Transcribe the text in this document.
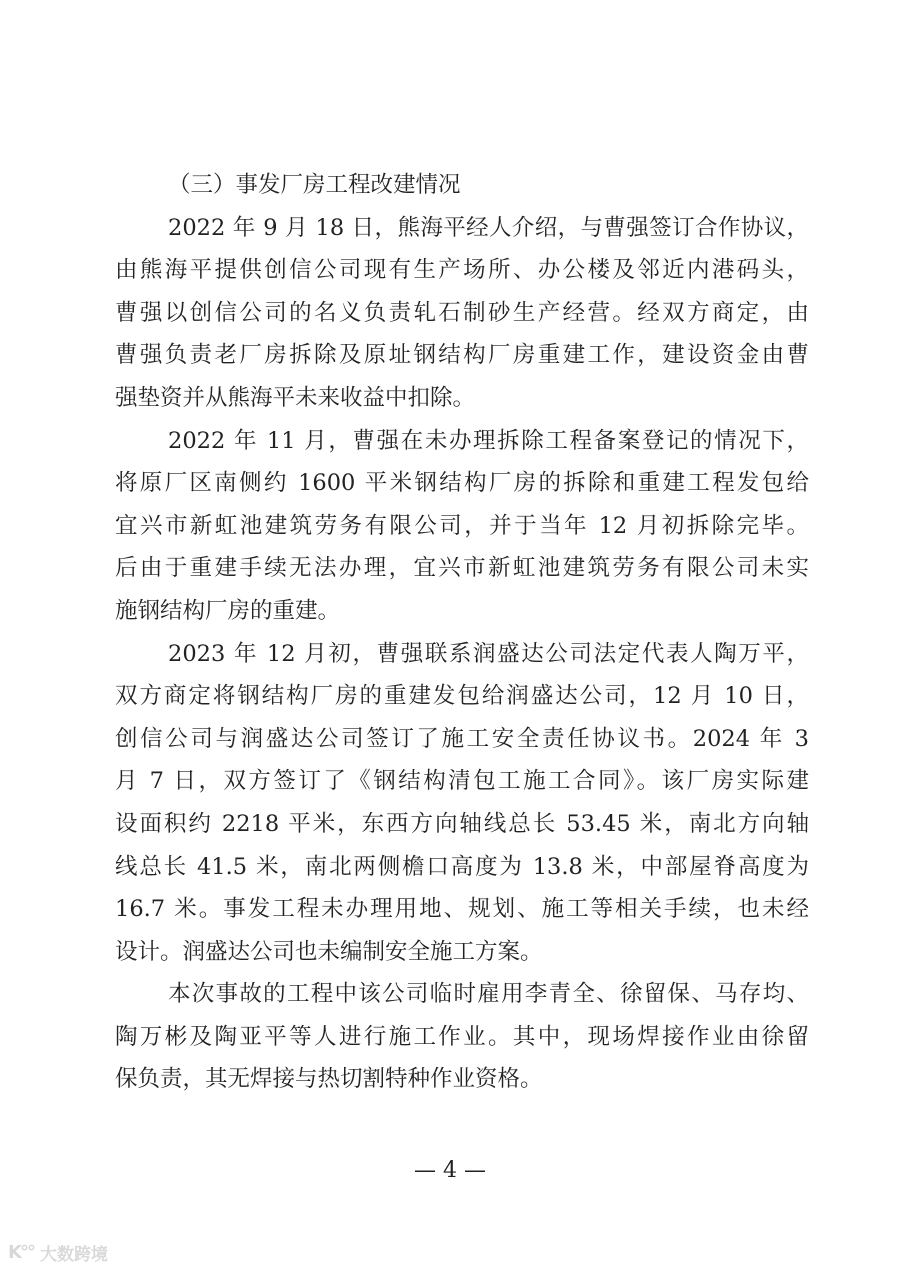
（三）事发厂房工程改建情况
2022 年 9 月 18 日，熊海平经人介绍，与曹强签订合作协议，
由熊海平提供创信公司现有生产场所、办公楼及邻近内港码头，
曹强以创信公司的名义负责轧石制砂生产经营。经双方商定，由
曹强负责老厂房拆除及原址钢结构厂房重建工作，建设资金由曹
强垫资并从熊海平未来收益中扣除。
2022 年 11 月，曹强在未办理拆除工程备案登记的情况下，
将原厂区南侧约 1600 平米钢结构厂房的拆除和重建工程发包给
宜兴市新虹池建筑劳务有限公司，并于当年 12 月初拆除完毕。
后由于重建手续无法办理，宜兴市新虹池建筑劳务有限公司未实
施钢结构厂房的重建。
2023 年 12 月初，曹强联系润盛达公司法定代表人陶万平，
双方商定将钢结构厂房的重建发包给润盛达公司，12 月 10 日，
创信公司与润盛达公司签订了施工安全责任协议书。2024 年 3
月 7 日，双方签订了《钢结构清包工施工合同》。该厂房实际建
设面积约 2218 平米，东西方向轴线总长 53.45 米，南北方向轴
线总长 41.5 米，南北两侧檐口高度为 13.8 米，中部屋脊高度为
16.7 米。事发工程未办理用地、规划、施工等相关手续，也未经
设计。润盛达公司也未编制安全施工方案。
本次事故的工程中该公司临时雇用李青全、徐留保、马存均、
陶万彬及陶亚平等人进行施工作业。其中，现场焊接作业由徐留
保负责，其无焊接与热切割特种作业资格。
— 4 —
K°° 大数跨境
